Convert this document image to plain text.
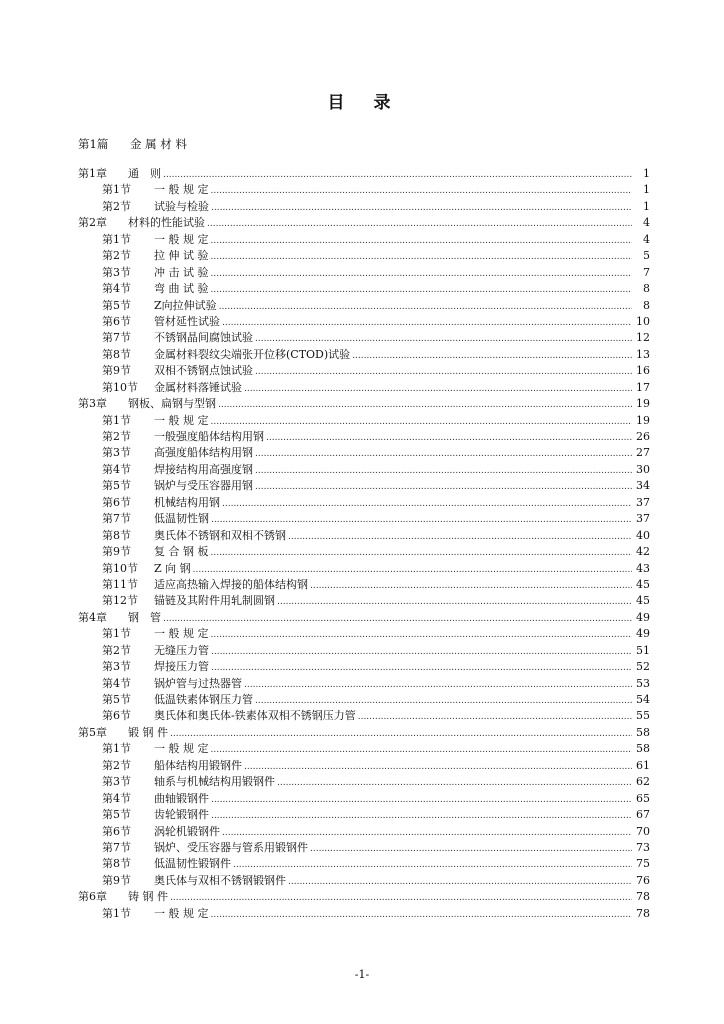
目　录
第1篇 金 属 材 料
第1章	通　则 .....	1
第1节	一 般 规 定 .....	1
第2节	试验与检验 .....	1
第2章	材料的性能试验 .....	4
第1节	一 般 规 定 .....	4
第2节	拉 伸 试 验 .....	5
第3节	冲 击 试 验 .....	7
第4节	弯 曲 试 验 .....	8
第5节	Z向拉伸试验 .....	8
第6节	管材延性试验 .....	10
第7节	不锈钢晶间腐蚀试验 .....	12
第8节	金属材料裂纹尖端张开位移(CTOD)试验 .....	13
第9节	双相不锈钢点蚀试验 .....	16
第10节	金属材料落锤试验 .....	17
第3章	钢板、扁钢与型钢 .....	19
第1节	一 般 规 定 .....	19
第2节	一般强度船体结构用钢 .....	26
第3节	高强度船体结构用钢 .....	27
第4节	焊接结构用高强度钢 .....	30
第5节	锅炉与受压容器用钢 .....	34
第6节	机械结构用钢 .....	37
第7节	低温韧性钢 .....	37
第8节	奥氏体不锈钢和双相不锈钢 .....	40
第9节	复 合 钢 板 .....	42
第10节	Z 向 钢 .....	43
第11节	适应高热输入焊接的船体结构钢 .....	45
第12节	锚链及其附件用轧制圆钢 .....	45
第4章	钢　管 .....	49
第1节	一 般 规 定 .....	49
第2节	无缝压力管 .....	51
第3节	焊接压力管 .....	52
第4节	锅炉管与过热器管 .....	53
第5节	低温铁素体钢压力管 .....	54
第6节	奥氏体和奥氏体-铁素体双相不锈钢压力管 .....	55
第5章	锻 钢 件 .....	58
第1节	一 般 规 定 .....	58
第2节	船体结构用锻钢件 .....	61
第3节	轴系与机械结构用锻钢件 .....	62
第4节	曲轴锻钢件 .....	65
第5节	齿轮锻钢件 .....	67
第6节	涡轮机锻钢件 .....	70
第7节	锅炉、受压容器与管系用锻钢件 .....	73
第8节	低温韧性锻钢件 .....	75
第9节	奥氏体与双相不锈钢锻钢件 .....	76
第6章	铸 钢 件 .....	78
第1节	一 般 规 定 .....	78
-1-
